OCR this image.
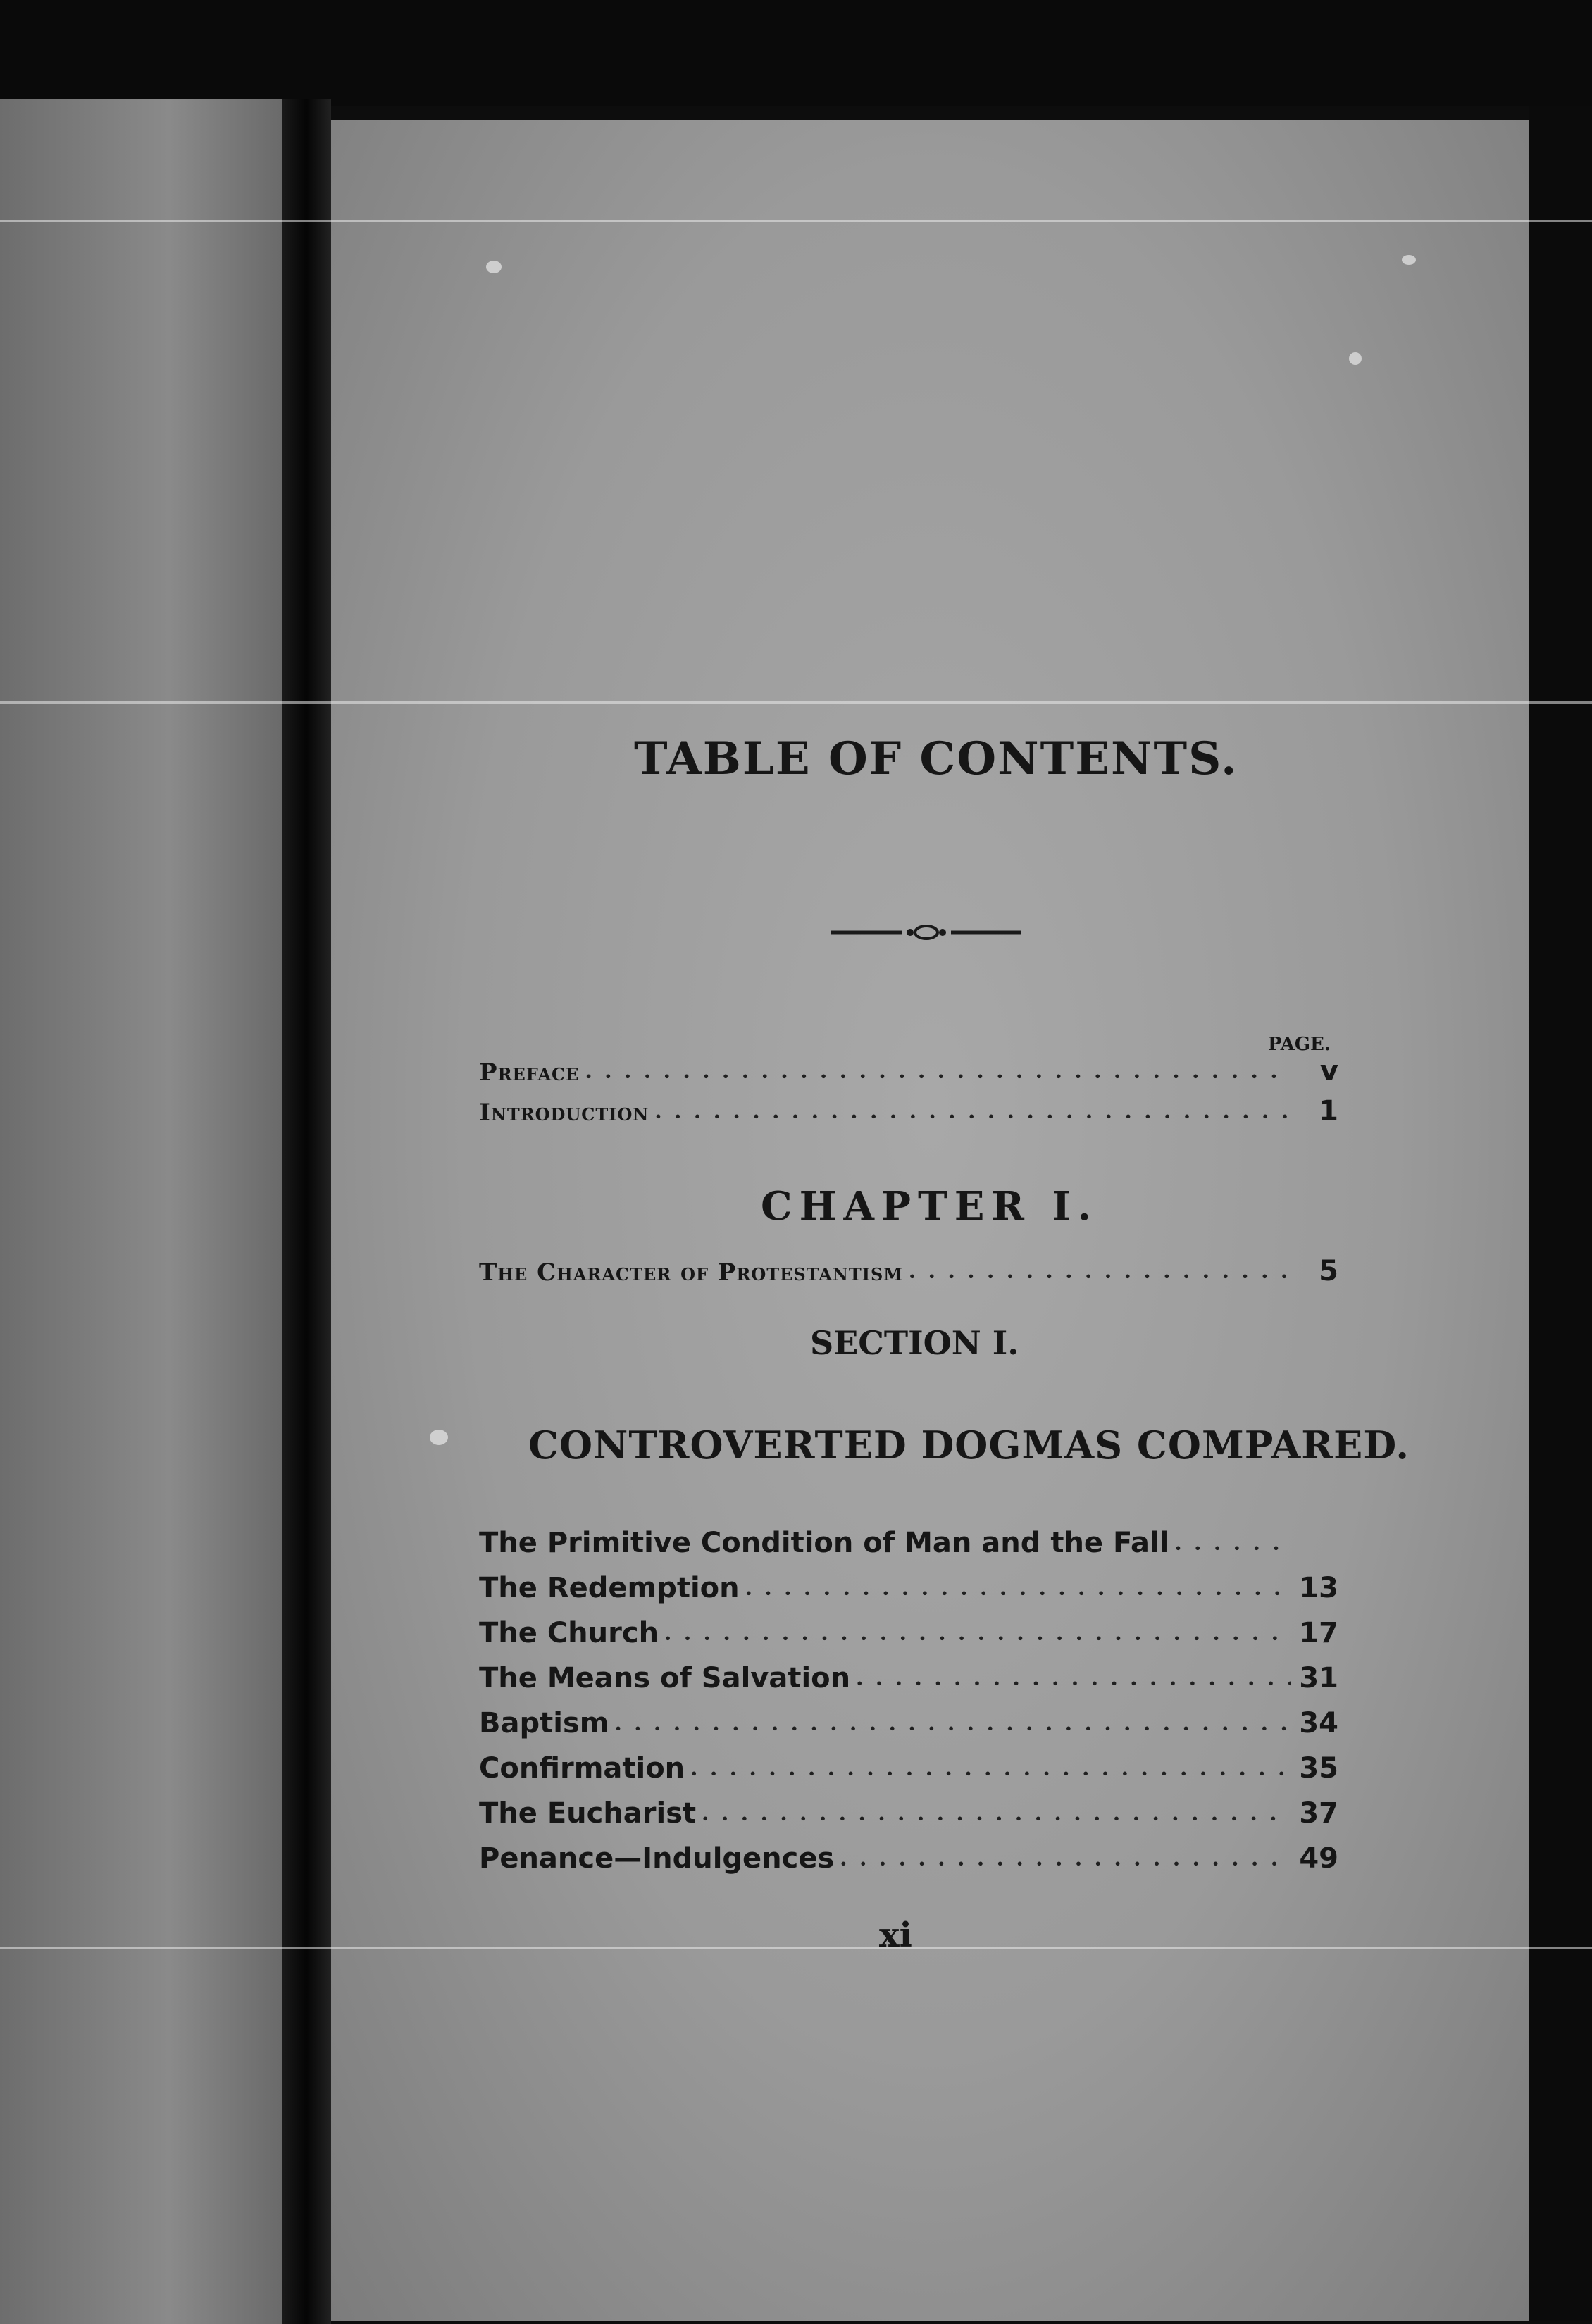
TABLE OF CONTENTS.
PAGE.
Preface • • •	v
Introduction • • •	1
CHAPTER I.
The Character of Protestantism • • •	5
SECTION I.
CONTROVERTED DOGMAS COMPARED.
The Primitive Condition of Man and the Fall
• • •
The Redemption • • •	13
The Church • • •	17
The Means of Salvation • • •	31
Baptism • • •	34
Confirmation • • •	35
The Eucharist • • •	37
Penance—Indulgences • • •	49
xi
